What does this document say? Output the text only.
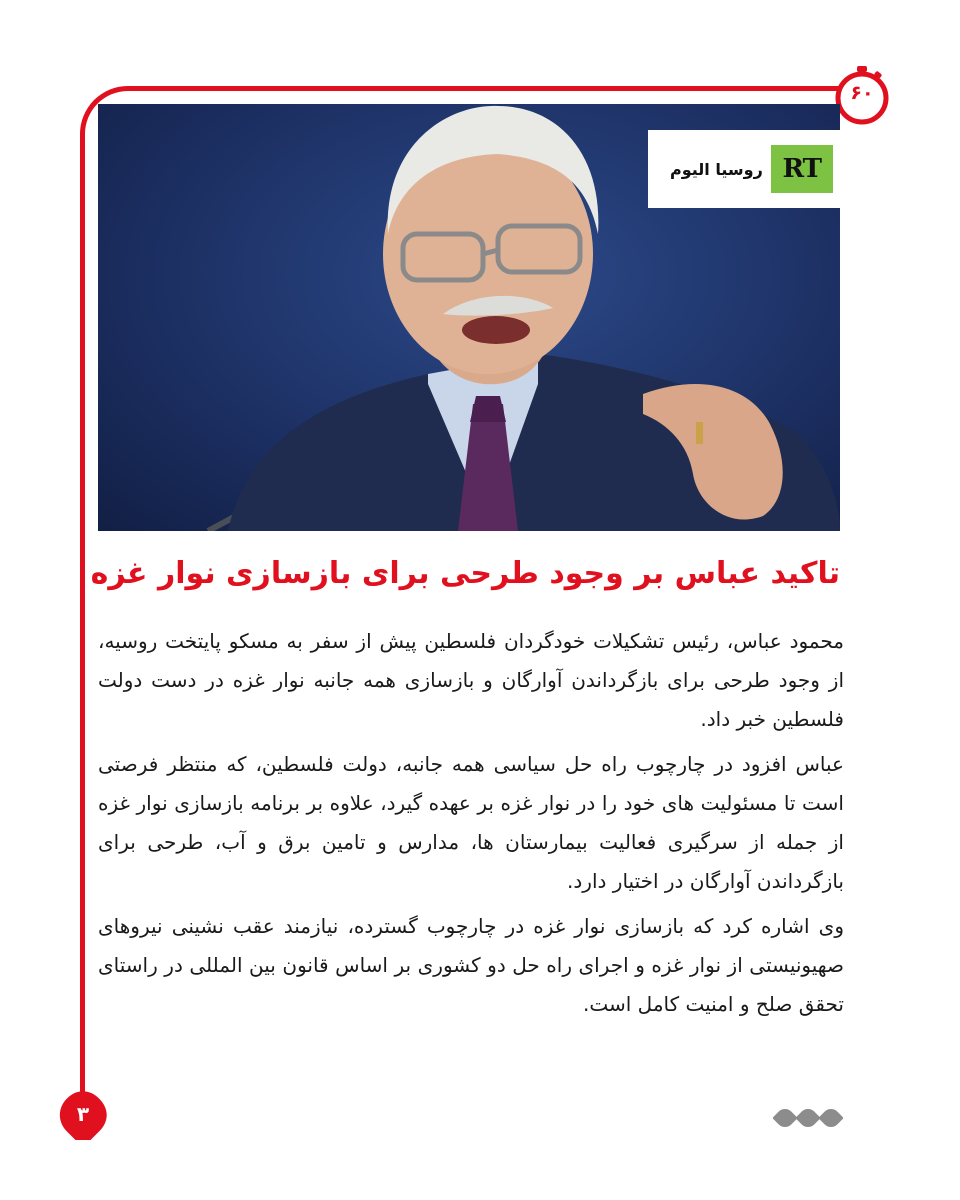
۶۰
روسیا الیوم RT
تاکید عباس بر وجود طرحی برای بازسازی نوار غزه

محمود عباس، رئیس تشکیلات خودگردان فلسطین پیش از سفر به مسکو پایتخت روسیه، از وجود طرحی برای بازگرداندن آوارگان و بازسازی همه جانبه نوار غزه در دست دولت فلسطین خبر داد.

عباس افزود در چارچوب راه حل سیاسی همه جانبه، دولت فلسطین، که منتظر فرصتی است تا مسئولیت های خود را در نوار غزه بر عهده گیرد، علاوه بر برنامه بازسازی نوار غزه از جمله از سرگیری فعالیت بیمارستان ها، مدارس و تامین برق و آب، طرحی برای بازگرداندن آوارگان در اختیار دارد.

وی اشاره کرد که بازسازی نوار غزه در چارچوب گسترده، نیازمند عقب نشینی نیروهای صهیونیستی از نوار غزه و اجرای راه حل دو کشوری بر اساس قانون بین المللی در راستای تحقق صلح و امنیت کامل است.

۳
